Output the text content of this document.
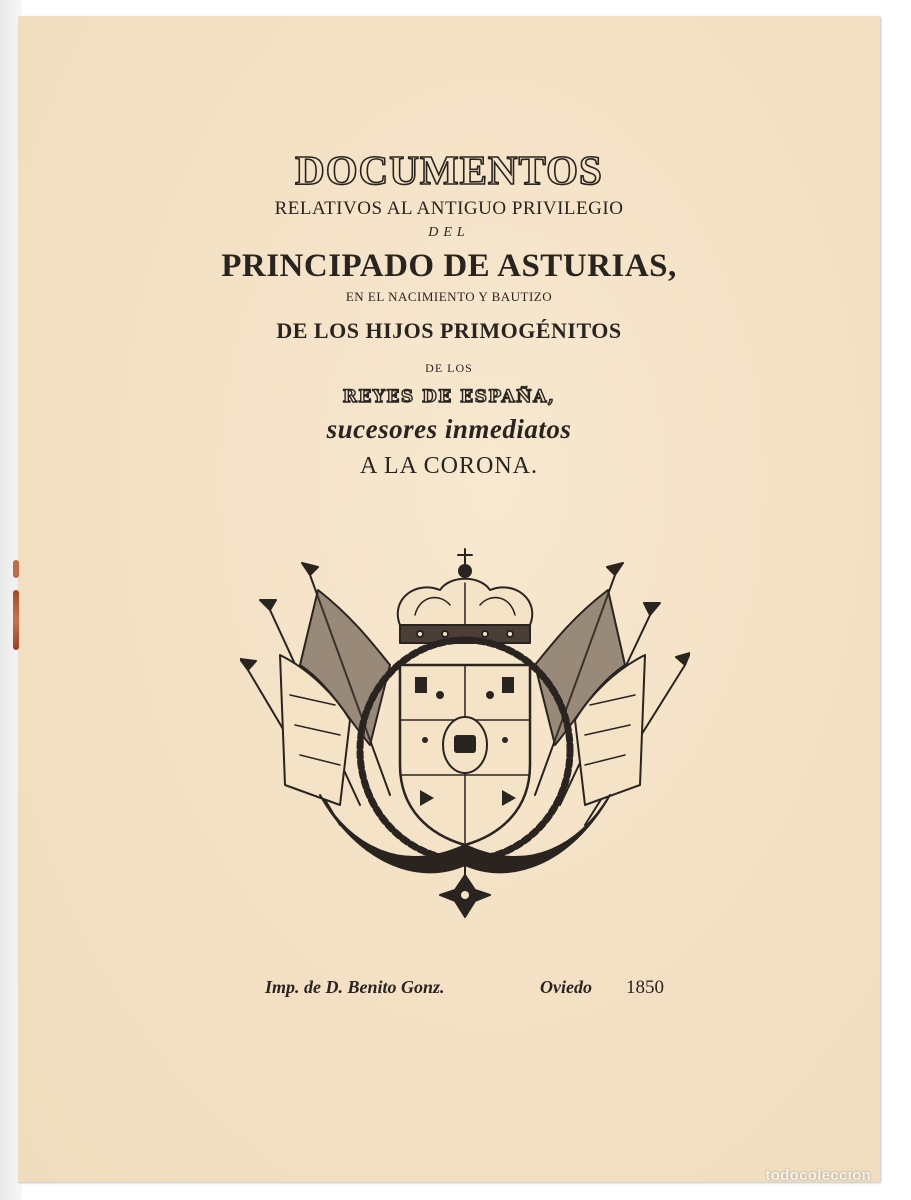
DOCUMENTOS
RELATIVOS AL ANTIGUO PRIVILEGIO
DEL
PRINCIPADO DE ASTURIAS,
EN EL NACIMIENTO Y BAUTIZO
DE LOS HIJOS PRIMOGÉNITOS
DE LOS
REYES DE ESPAÑA,
sucesores inmediatos
A LA CORONA.
Imp. de D. Benito Gonz.	Oviedo 1850
todocoleccion
